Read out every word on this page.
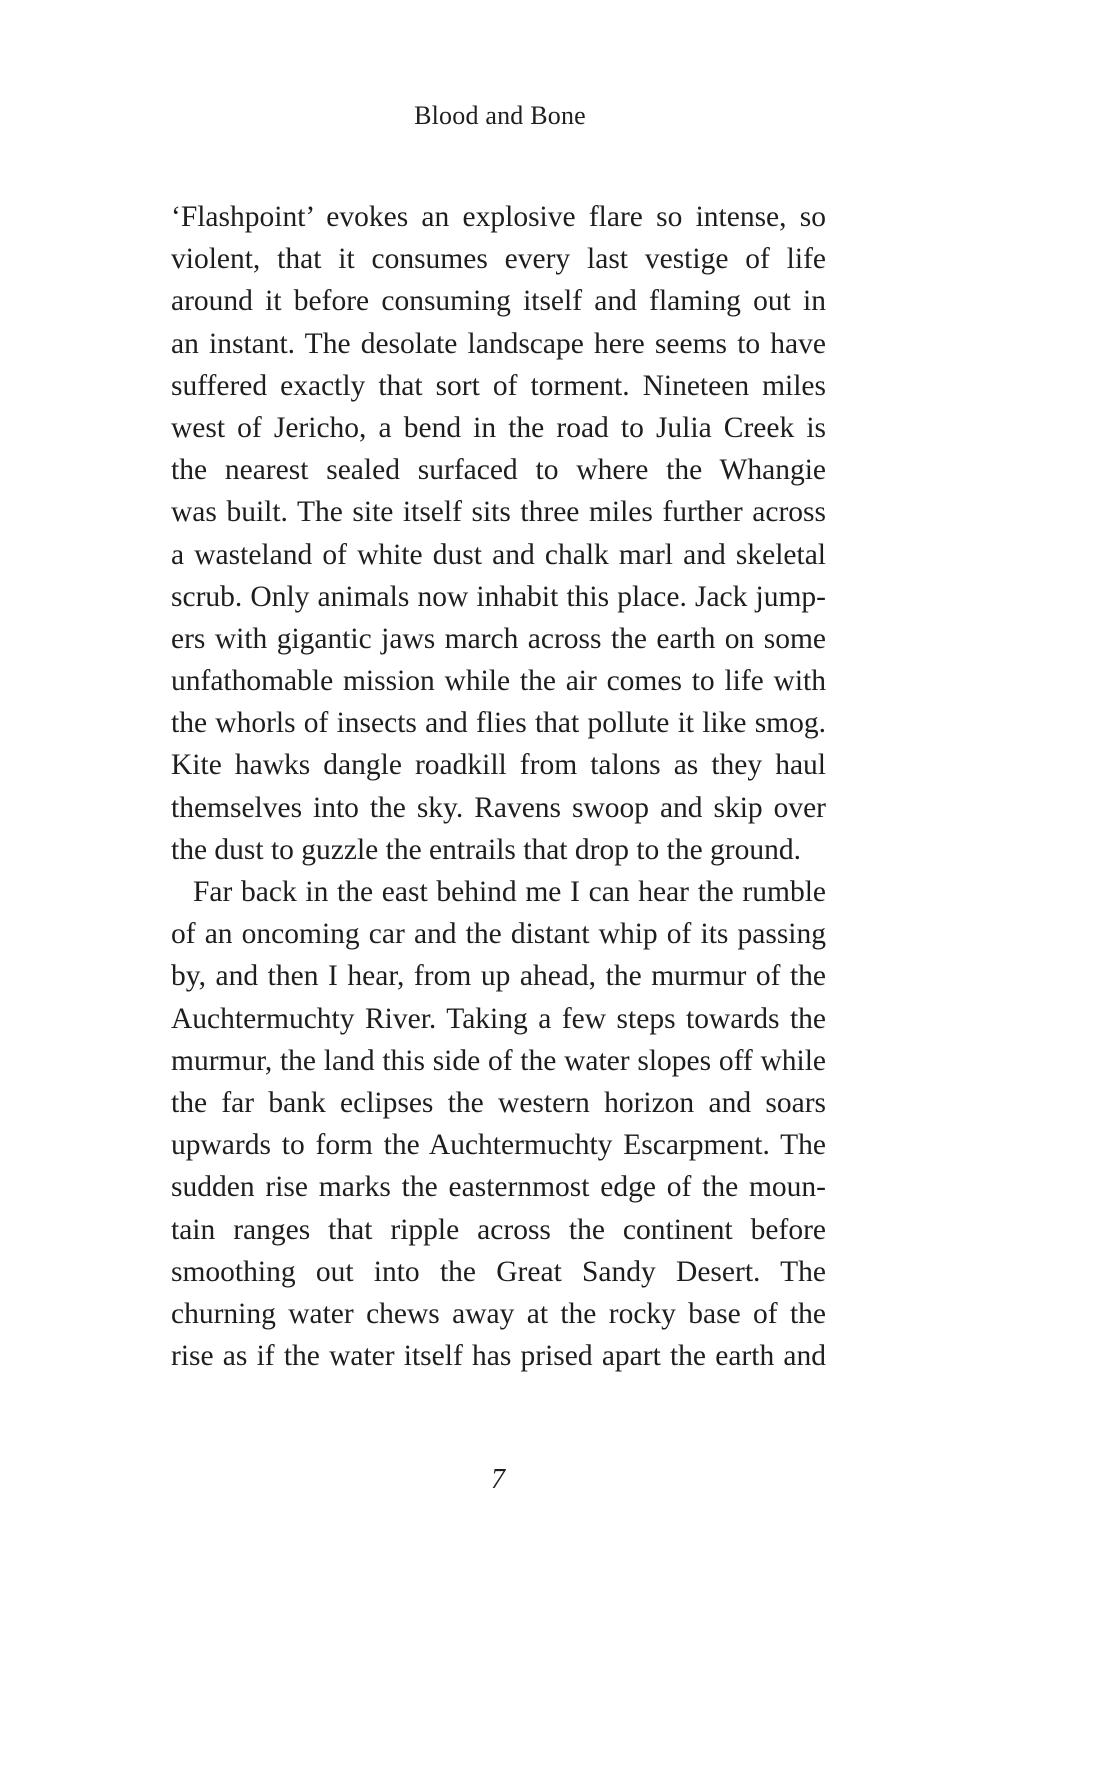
Blood and Bone
‘Flashpoint’ evokes an explosive flare so intense, so
violent, that it consumes every last vestige of life
around it before consuming itself and flaming out in
an instant. The desolate landscape here seems to have
suffered exactly that sort of torment. Nineteen miles
west of Jericho, a bend in the road to Julia Creek is
the nearest sealed surfaced to where the Whangie
was built. The site itself sits three miles further across
a wasteland of white dust and chalk marl and skeletal
scrub. Only animals now inhabit this place. Jack jump-
ers with gigantic jaws march across the earth on some
unfathomable mission while the air comes to life with
the whorls of insects and flies that pollute it like smog.
Kite hawks dangle roadkill from talons as they haul
themselves into the sky. Ravens swoop and skip over
the dust to guzzle the entrails that drop to the ground.
Far back in the east behind me I can hear the rumble
of an oncoming car and the distant whip of its passing
by, and then I hear, from up ahead, the murmur of the
Auchtermuchty River. Taking a few steps towards the
murmur, the land this side of the water slopes off while
the far bank eclipses the western horizon and soars
upwards to form the Auchtermuchty Escarpment. The
sudden rise marks the easternmost edge of the moun-
tain ranges that ripple across the continent before
smoothing out into the Great Sandy Desert. The
churning water chews away at the rocky base of the
rise as if the water itself has prised apart the earth and
7
